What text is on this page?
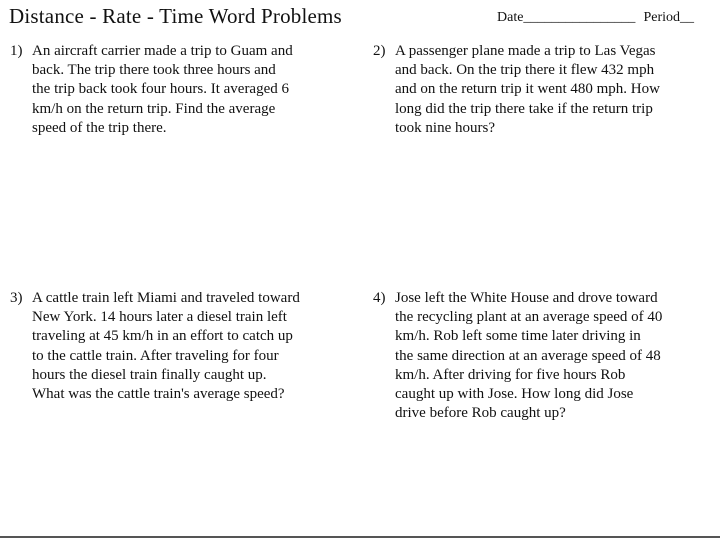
Distance - Rate - Time Word Problems	Date________________ Period__
1) An aircraft carrier made a trip to Guam and
back. The trip there took three hours and
the trip back took four hours. It averaged 6
km/h on the return trip. Find the average
speed of the trip there.
2) A passenger plane made a trip to Las Vegas
and back. On the trip there it flew 432 mph
and on the return trip it went 480 mph. How
long did the trip there take if the return trip
took nine hours?
3) A cattle train left Miami and traveled toward
New York. 14 hours later a diesel train left
traveling at 45 km/h in an effort to catch up
to the cattle train. After traveling for four
hours the diesel train finally caught up.
What was the cattle train's average speed?
4) Jose left the White House and drove toward
the recycling plant at an average speed of 40
km/h. Rob left some time later driving in
the same direction at an average speed of 48
km/h. After driving for five hours Rob
caught up with Jose. How long did Jose
drive before Rob caught up?
